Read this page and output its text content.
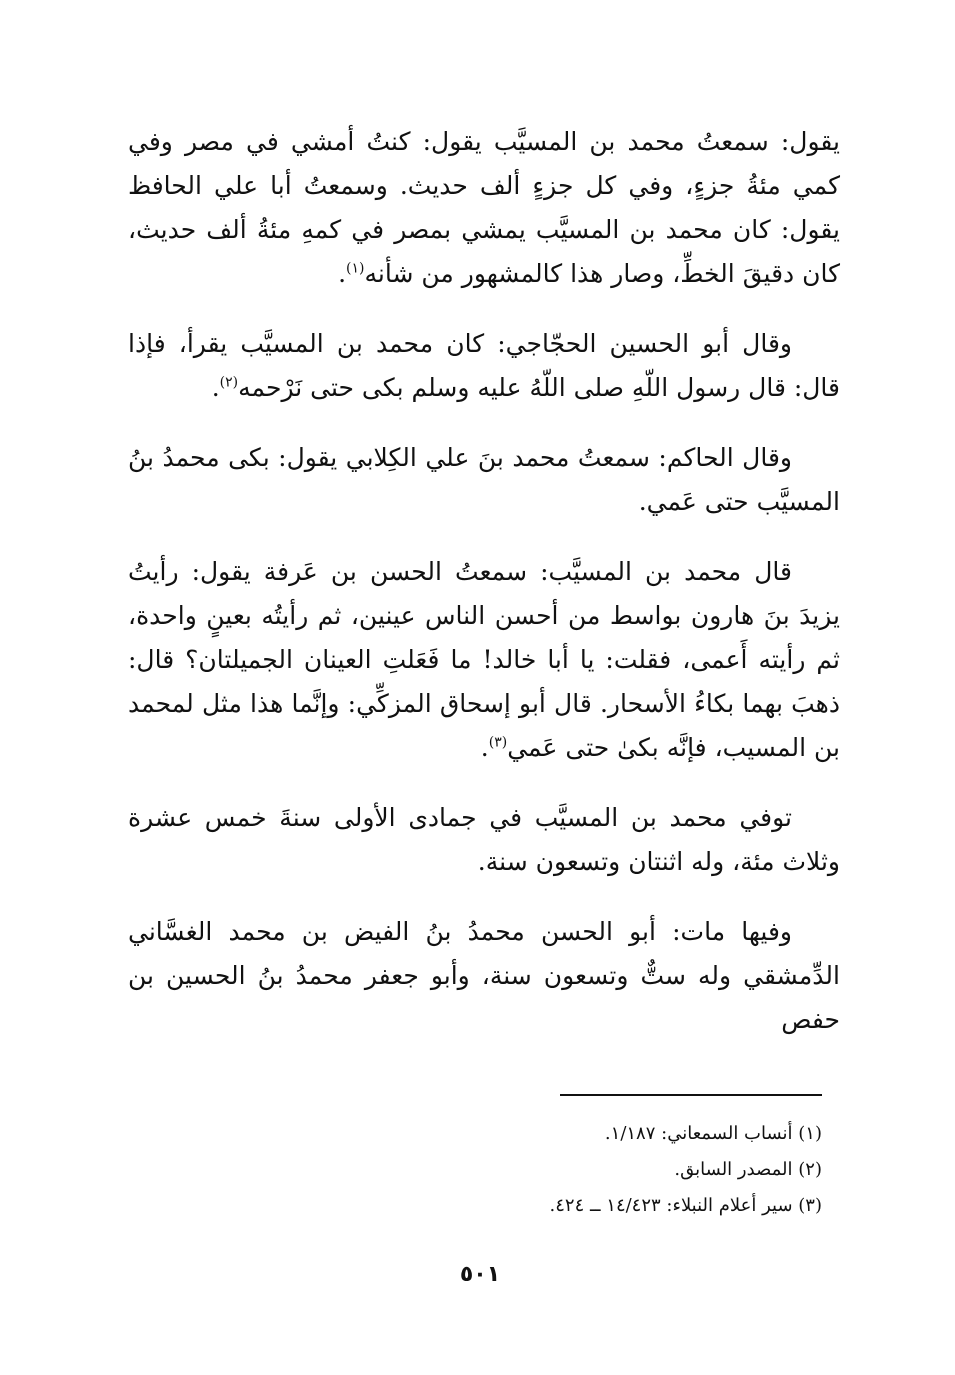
يقول: سمعتُ محمد بن المسيَّب يقول: كنتُ أمشي في مصر وفي كمي مئةُ جزءٍ، وفي كل جزءٍ ألف حديث. وسمعتُ أبا علي الحافظ يقول: كان محمد بن المسيَّب يمشي بمصر في كمهِ مئةُ ألف حديث، كان دقيقَ الخطِّ، وصار هذا كالمشهور من شأنه$^{(١)}$.

وقال أبو الحسين الحجّاجي: كان محمد بن المسيَّب يقرأ، فإذا قال: قال رسول اللّهِ صلى اللّهُ عليه وسلم بكى حتى نَرْحمه$^{(٢)}$.

وقال الحاكم: سمعتُ محمد بنَ علي الكِلابي يقول: بكى محمدُ بنُ المسيَّب حتى عَمي.

قال محمد بن المسيَّب: سمعتُ الحسن بن عَرفة يقول: رأيتُ يزيدَ بنَ هارون بواسط من أحسن الناس عينين، ثم رأيتُه بعينٍ واحدة، ثم رأيته أَعمى، فقلت: يا أبا خالد! ما فَعَلتِ العينان الجميلتان؟ قال: ذهبَ بهما بكاءُ الأسحار. قال أبو إسحاق المزكِّي: وإنَّما هذا مثل لمحمد بن المسيب، فإنَّه بكىٰ حتى عَمي$^{(٣)}$.

توفي محمد بن المسيَّب في جمادى الأولى سنةَ خمس عشرة وثلاث مئة، وله اثنتان وتسعون سنة.

وفيها مات: أبو الحسن محمدُ بنُ الفيض بن محمد الغسَّاني الدِّمشقي وله ستٌّ وتسعون سنة، وأبو جعفر محمدُ بنُ الحسين بن حفص

(١) أنساب السمعاني: ١/١٨٧.
(٢) المصدر السابق.
(٣) سير أعلام النبلاء: ١٤/٤٢٣ ــ ٤٢٤.
٥٠١
